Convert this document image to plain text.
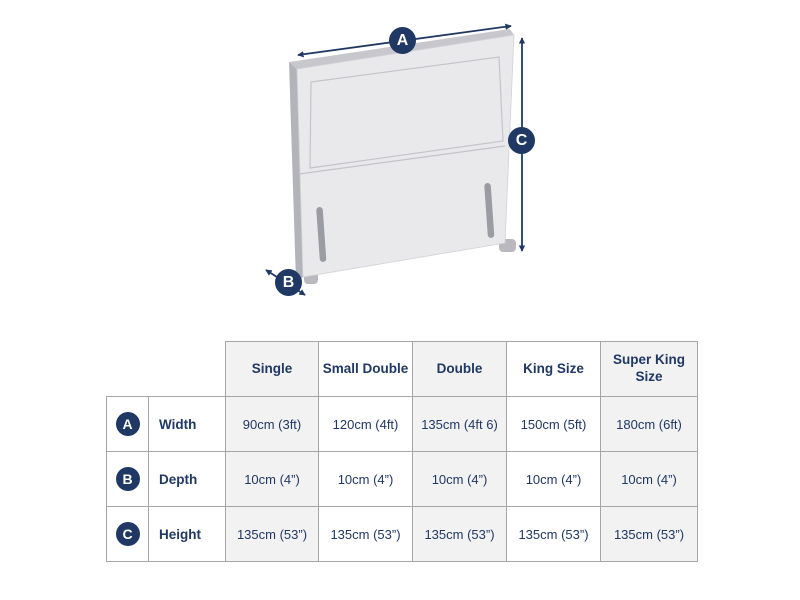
A
B
C
		Single	Small Double	Double	King Size	Super King Size
A	Width	90cm (3ft)	120cm (4ft)	135cm (4ft 6)	150cm (5ft)	180cm (6ft)
B	Depth	10cm (4”)	10cm (4”)	10cm (4”)	10cm (4”)	10cm (4”)
C	Height	135cm (53”)	135cm (53”)	135cm (53”)	135cm (53”)	135cm (53”)
